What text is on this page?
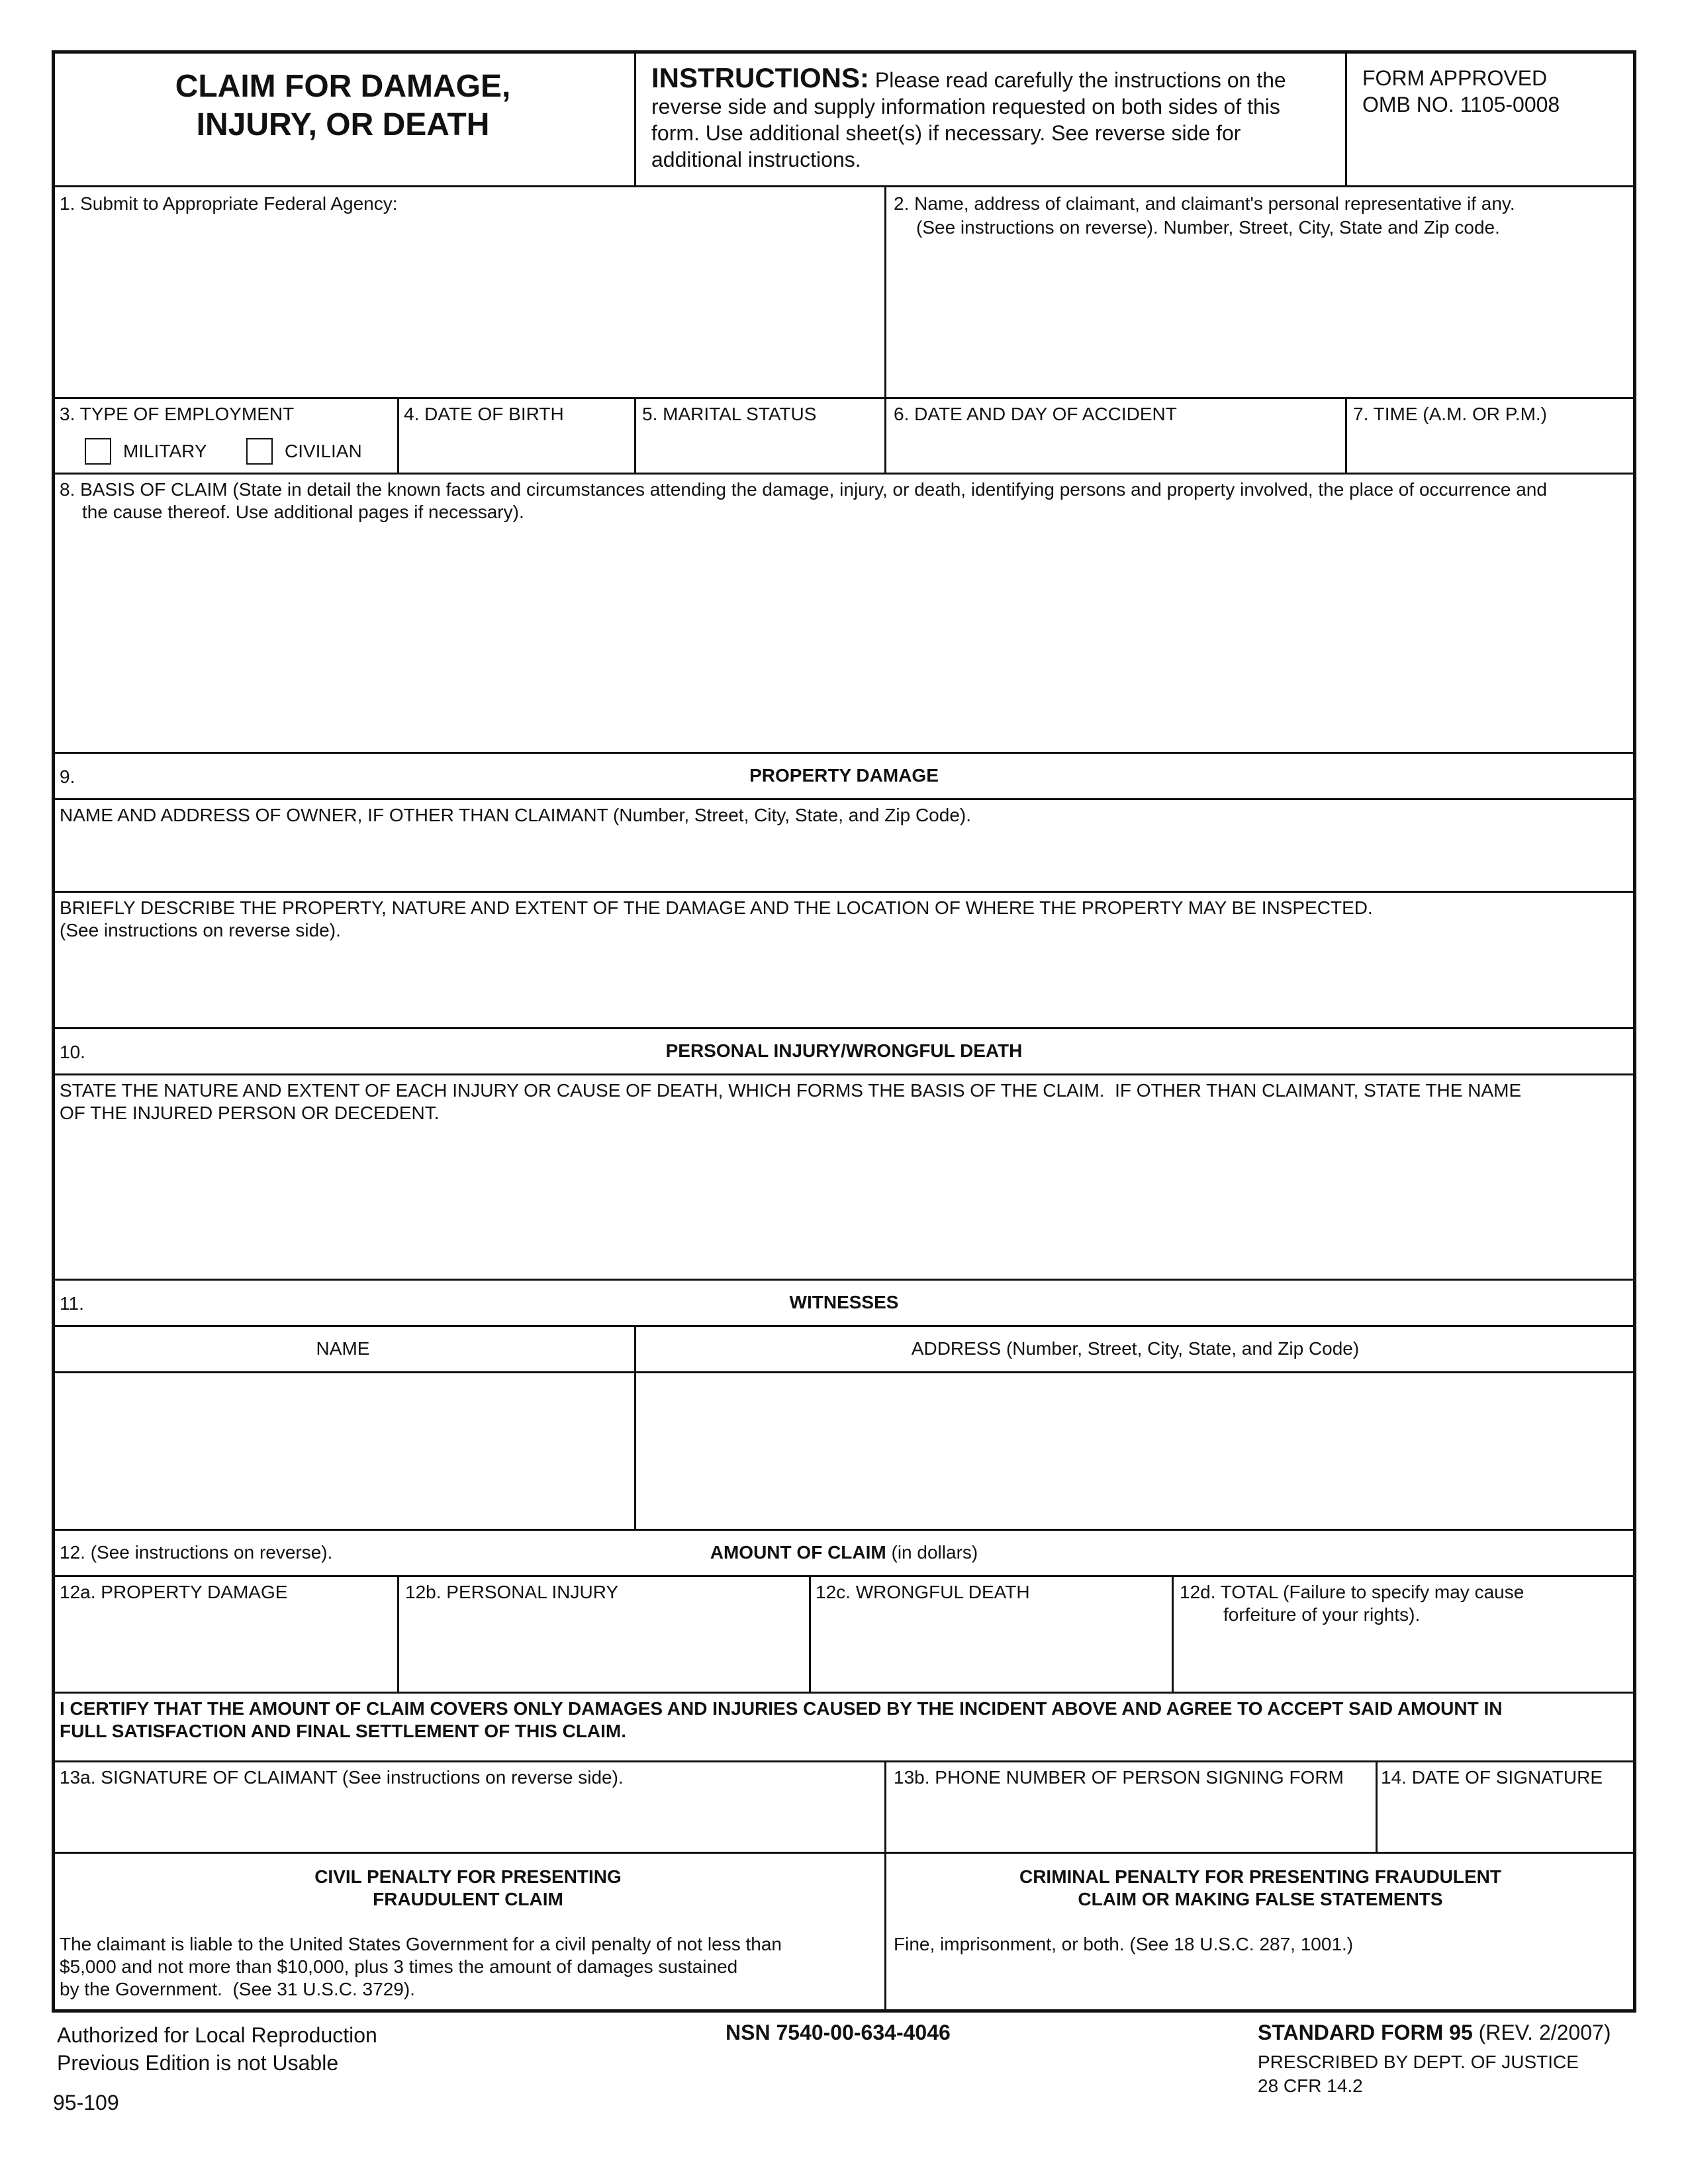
CLAIM FOR DAMAGE,
INJURY, OR DEATH
INSTRUCTIONS: Please read carefully the instructions on the reverse side and supply information requested on both sides of this form. Use additional sheet(s) if necessary. See reverse side for additional instructions.
FORM APPROVED
OMB NO. 1105-0008
1. Submit to Appropriate Federal Agency:	2. Name, address of claimant, and claimant's personal representative if any.
(See instructions on reverse). Number, Street, City, State and Zip code.
3. TYPE OF EMPLOYMENT
MILITARY	CIVILIAN
4. DATE OF BIRTH	5. MARITAL STATUS	6. DATE AND DAY OF ACCIDENT	7. TIME (A.M. OR P.M.)
8. BASIS OF CLAIM (State in detail the known facts and circumstances attending the damage, injury, or death, identifying persons and property involved, the place of occurrence and
the cause thereof. Use additional pages if necessary).
9.	PROPERTY DAMAGE
NAME AND ADDRESS OF OWNER, IF OTHER THAN CLAIMANT (Number, Street, City, State, and Zip Code).
BRIEFLY DESCRIBE THE PROPERTY, NATURE AND EXTENT OF THE DAMAGE AND THE LOCATION OF WHERE THE PROPERTY MAY BE INSPECTED.
(See instructions on reverse side).
10.	PERSONAL INJURY/WRONGFUL DEATH
STATE THE NATURE AND EXTENT OF EACH INJURY OR CAUSE OF DEATH, WHICH FORMS THE BASIS OF THE CLAIM.  IF OTHER THAN CLAIMANT, STATE THE NAME
OF THE INJURED PERSON OR DECEDENT.
11.	WITNESSES
NAME	ADDRESS (Number, Street, City, State, and Zip Code)
12. (See instructions on reverse).	AMOUNT OF CLAIM (in dollars)
12a. PROPERTY DAMAGE	12b. PERSONAL INJURY	12c. WRONGFUL DEATH	12d. TOTAL (Failure to specify may cause
forfeiture of your rights).
I CERTIFY THAT THE AMOUNT OF CLAIM COVERS ONLY DAMAGES AND INJURIES CAUSED BY THE INCIDENT ABOVE AND AGREE TO ACCEPT SAID AMOUNT IN
FULL SATISFACTION AND FINAL SETTLEMENT OF THIS CLAIM.
13a. SIGNATURE OF CLAIMANT (See instructions on reverse side).	13b. PHONE NUMBER OF PERSON SIGNING FORM 14. DATE OF SIGNATURE
CIVIL PENALTY FOR PRESENTING
FRAUDULENT CLAIM
The claimant is liable to the United States Government for a civil penalty of not less than
$5,000 and not more than $10,000, plus 3 times the amount of damages sustained
by the Government.  (See 31 U.S.C. 3729).
CRIMINAL PENALTY FOR PRESENTING FRAUDULENT
CLAIM OR MAKING FALSE STATEMENTS
Fine, imprisonment, or both. (See 18 U.S.C. 287, 1001.)
Authorized for Local Reproduction
Previous Edition is not Usable
95-109
NSN 7540-00-634-4046	STANDARD FORM 95 (REV. 2/2007)
PRESCRIBED BY DEPT. OF JUSTICE
28 CFR 14.2
